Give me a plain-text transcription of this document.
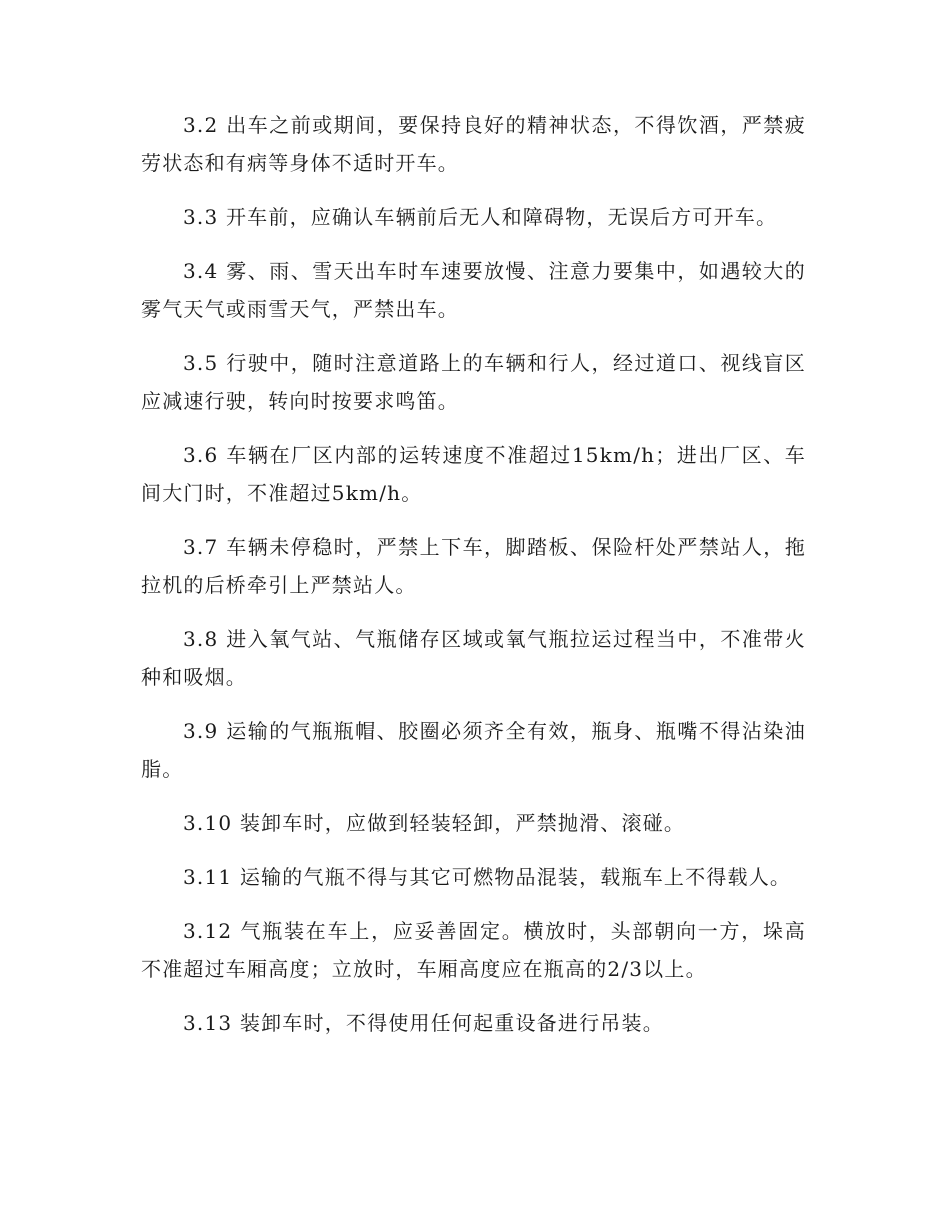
3.2 出车之前或期间，要保持良好的精神状态，不得饮酒，严禁疲劳状态和有病等身体不适时开车。

3.3 开车前，应确认车辆前后无人和障碍物，无误后方可开车。

3.4 雾、雨、雪天出车时车速要放慢、注意力要集中，如遇较大的雾气天气或雨雪天气，严禁出车。

3.5 行驶中，随时注意道路上的车辆和行人，经过道口、视线盲区应减速行驶，转向时按要求鸣笛。

3.6 车辆在厂区内部的运转速度不准超过15km/h；进出厂区、车间大门时，不准超过5km/h。

3.7 车辆未停稳时，严禁上下车，脚踏板、保险杆处严禁站人，拖拉机的后桥牵引上严禁站人。

3.8 进入氧气站、气瓶储存区域或氧气瓶拉运过程当中，不准带火种和吸烟。

3.9 运输的气瓶瓶帽、胶圈必须齐全有效，瓶身、瓶嘴不得沾染油脂。

3.10 装卸车时，应做到轻装轻卸，严禁抛滑、滚碰。

3.11 运输的气瓶不得与其它可燃物品混装，载瓶车上不得载人。

3.12 气瓶装在车上，应妥善固定。横放时，头部朝向一方，垛高不准超过车厢高度；立放时，车厢高度应在瓶高的2/3以上。

3.13 装卸车时，不得使用任何起重设备进行吊装。
